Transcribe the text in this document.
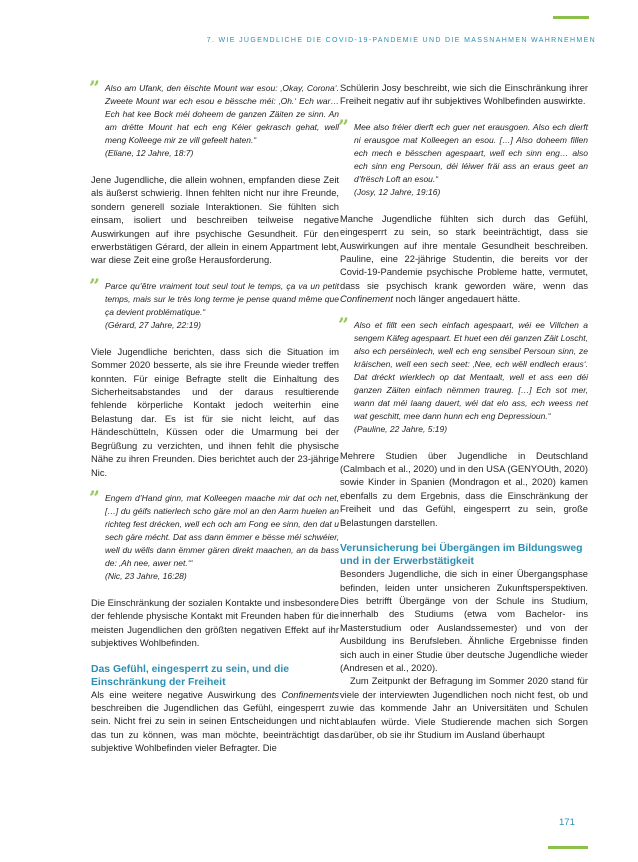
7. WIE JUGENDLICHE DIE COVID-19-PANDEMIE UND DIE MASSNAHMEN WAHRNEHMEN
” Also am Ufank, den éischte Mount war esou: ‚Okay, Corona‘. Zweete Mount war ech esou e bëssche méi: ‚Oh.‘ Ech war… Ech hat kee Bock méi doheem de ganzen Zäiten ze sinn. An am drëtte Mount hat ech eng Kéier gekrasch gehat, well meng Kolleege mir ze vill gefeelt haten.“
(Eliane, 12 Jahre, 18:7)

Jene Jugendliche, die allein wohnen, empfanden diese Zeit als äußerst schwierig. Ihnen fehlten nicht nur ihre Freunde, sondern generell soziale Interaktionen. Sie fühlten sich einsam, isoliert und beschreiben teilweise negative Auswirkungen auf ihre psychische Gesundheit. Für den erwerbstätigen Gérard, der allein in einem Appartment lebt, war diese Zeit eine große Herausforderung.

” Parce qu’être vraiment tout seul tout le temps, ça va un petit temps, mais sur le très long terme je pense quand même que ça devient problématique.“
(Gérard, 27 Jahre, 22:19)

Viele Jugendliche berichten, dass sich die Situation im Sommer 2020 besserte, als sie ihre Freunde wieder treffen konnten. Für einige Befragte stellt die Einhaltung des Sicherheitsabstandes und der daraus resultierende fehlende körperliche Kontakt jedoch weiterhin eine Belastung dar. Es ist für sie nicht leicht, auf das Händeschütteln, Küssen oder die Umarmung bei der Begrüßung zu verzichten, und ihnen fehlt die physische Nähe zu ihren Freunden. Dies berichtet auch der 23-jährige Nic.

” Engem d’Hand ginn, mat Kolleegen maache mir dat och net, […] du géifs natierlech scho gäre mol an den Aarm huelen an richteg fest drécken, well ech och am Fong ee sinn, den dat u sech gäre mécht. Dat ass dann ëmmer e bësse méi schwéier, well du wëlls dann ëmmer gären direkt maachen, an da bass de: ‚Ah nee, awer net.‘“
(Nic, 23 Jahre, 16:28)

Die Einschränkung der sozialen Kontakte und insbesondere der fehlende physische Kontakt mit Freunden haben für die meisten Jugendlichen den größten negativen Effekt auf ihr subjektives Wohlbefinden.

Das Gefühl, eingesperrt zu sein, und die Einschränkung der Freiheit

Als eine weitere negative Auswirkung des Confinements beschreiben die Jugendlichen das Gefühl, eingesperrt zu sein. Nicht frei zu sein in seinen Entscheidungen und nicht das tun zu können, was man möchte, beeinträchtigt das subjektive Wohlbefinden vieler Befragter. Die

Schülerin Josy beschreibt, wie sich die Einschränkung ihrer Freiheit negativ auf ihr subjektives Wohlbefinden auswirkte.

” Mee also fréier dierft ech guer net erausgoen. Also ech dierft ni erausgoe mat Kolleegen an esou. […] Also doheem fillen ech mech e bësschen agespaart, well ech sinn eng… also ech sinn eng Persoun, déi léiwer fräi ass an eraus geet an d’frësch Loft an esou.“
(Josy, 12 Jahre, 19:16)

Manche Jugendliche fühlten sich durch das Gefühl, eingesperrt zu sein, so stark beeinträchtigt, dass sie Auswirkungen auf ihre mentale Gesundheit beschreiben. Pauline, eine 22-jährige Studentin, die bereits vor der Covid-19-Pandemie psychische Probleme hatte, vermutet, dass sie psychisch krank geworden wäre, wenn das Confinement noch länger angedauert hätte.

” Also et fillt een sech einfach agespaart, wéi ee Villchen a sengem Käfeg agespaart. Et huet een déi ganzen Zäit Loscht, also ech perséinlech, well ech eng sensibel Persoun sinn, ze kräischen, well een sech seet: ‚Nee, ech wëll endlech eraus‘. Dat dréckt wierklech op dat Mentaalt, well et ass een déi ganzen Zäiten einfach nëmmen traureg. […] Ech sot mer, wann dat méi laang dauert, wéi dat elo ass, ech weess net wat geschitt, mee dann hunn ech eng Depressioun.“
(Pauline, 22 Jahre, 5:19)

Mehrere Studien über Jugendliche in Deutschland (Calmbach et al., 2020) und in den USA (GENYOUth, 2020) sowie Kinder in Spanien (Mondragon et al., 2020) kamen ebenfalls zu dem Ergebnis, dass die Einschränkung der Freiheit und das Gefühl, eingesperrt zu sein, große Belastungen darstellen.

Verunsicherung bei Übergängen im Bildungsweg und in der Erwerbstätigkeit

Besonders Jugendliche, die sich in einer Übergangsphase befinden, leiden unter unsicheren Zukunftsperspektiven. Dies betrifft Übergänge von der Schule ins Studium, innerhalb des Studiums (etwa vom Bachelor- ins Masterstudium oder Auslandssemester) und von der Ausbildung ins Berufsleben. Ähnliche Ergebnisse finden sich auch in einer Studie über deutsche Jugendliche wieder (Andresen et al., 2020).

Zum Zeitpunkt der Befragung im Sommer 2020 stand für viele der interviewten Jugendlichen noch nicht fest, ob und wie das kommende Jahr an Universitäten und Schulen ablaufen würde. Viele Studierende machen sich Sorgen darüber, ob sie ihr Studium im Ausland überhaupt

171
